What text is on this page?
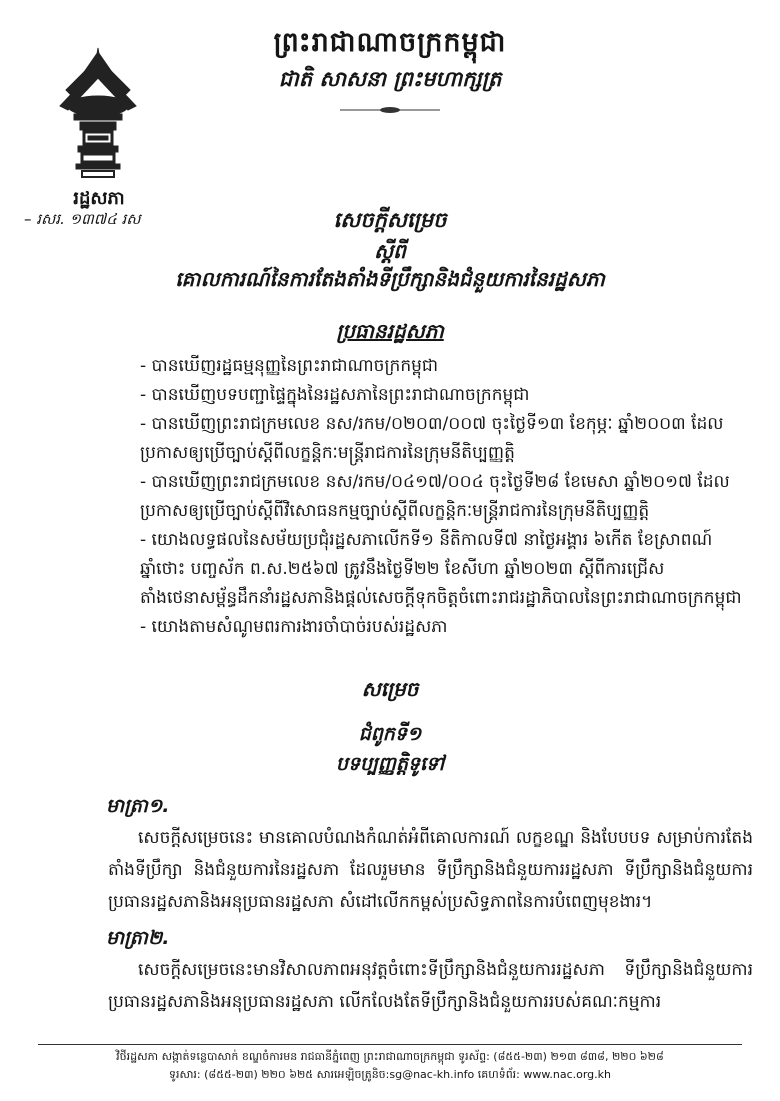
ព្រះរាជាណាចក្រកម្ពុជា
ជាតិ សាសនា ព្រះមហាក្សត្រ
រដ្ឋសភា
– រសរ. ១៣៧៤ រស	សេចក្តីសម្រេច
ស្តីពី
គោលការណ៍នៃការតែងតាំងទីប្រឹក្សានិងជំនួយការនៃរដ្ឋសភា
ប្រធានរដ្ឋសភា
- បានឃើញរដ្ឋធម្មនុញ្ញនៃព្រះរាជាណាចក្រកម្ពុជា
- បានឃើញបទបញ្ជាផ្ទៃក្នុងនៃរដ្ឋសភានៃព្រះរាជាណាចក្រកម្ពុជា
- បានឃើញព្រះរាជក្រមលេខ នស/រកម/០២០៣/០០៧ ចុះថ្ងៃទី១៣ ខែកុម្ភៈ ឆ្នាំ២០០៣ ដែលប្រកាសឲ្យប្រើច្បាប់ស្តីពីលក្ខន្តិកៈមន្ត្រីរាជការនៃក្រុមនីតិប្បញ្ញត្តិ
- បានឃើញព្រះរាជក្រមលេខ នស/រកម/០៤១៧/០០៤ ចុះថ្ងៃទី២៨ ខែមេសា ឆ្នាំ២០១៧ ដែលប្រកាសឲ្យប្រើច្បាប់ស្តីពីវិសោធនកម្មច្បាប់ស្តីពីលក្ខន្តិកៈមន្ត្រីរាជការនៃក្រុមនីតិប្បញ្ញត្តិ
- យោងលទ្ធផលនៃសម័យប្រជុំរដ្ឋសភាលើកទី១ នីតិកាលទី៧ នាថ្ងៃអង្គារ ៦កើត ខែស្រាពណ៍ ឆ្នាំថោះ បញ្ចស័ក ព.ស.២៥៦៧ ត្រូវនឹងថ្ងៃទី២២ ខែសីហា ឆ្នាំ២០២៣ ស្តីពីការជ្រើសតាំងថេនាសម្ព័ន្ធដឹកនាំរដ្ឋសភានិងផ្តល់សេចក្តីទុកចិត្តចំពោះរាជរដ្ឋាភិបាលនៃព្រះរាជាណាចក្រកម្ពុជា
- យោងតាមសំណូមពរការងារចាំបាច់របស់រដ្ឋសភា
សម្រេច
ជំពូកទី១
បទប្បញ្ញត្តិទូទៅ
មាត្រា១.

សេចក្តីសម្រេចនេះ មានគោលបំណងកំណត់អំពីគោលការណ៍ លក្ខខណ្ឌ និងបែបបទ សម្រាប់ការតែងតាំងទីប្រឹក្សា និងជំនួយការនៃរដ្ឋសភា ដែលរួមមាន ទីប្រឹក្សានិងជំនួយការរដ្ឋសភា ទីប្រឹក្សានិងជំនួយការប្រធានរដ្ឋសភានិងអនុប្រធានរដ្ឋសភា សំដៅលើកកម្ពស់ប្រសិទ្ធភាពនៃការបំពេញមុខងារ។

មាត្រា២.

សេចក្តីសម្រេចនេះមានវិសាលភាពអនុវត្តចំពោះទីប្រឹក្សានិងជំនួយការរដ្ឋសភា ទីប្រឹក្សានិងជំនួយការប្រធានរដ្ឋសភានិងអនុប្រធានរដ្ឋសភា លើកលែងតែទីប្រឹក្សានិងជំនួយការរបស់គណៈកម្មការ

វិថីរដ្ឋសភា សង្កាត់ទន្លេបាសាក់ ខណ្ឌចំការមន រាជធានីភ្នំពេញ ព្រះរាជាណាចក្រកម្ពុជា ទូរស័ព្ទ: (៨៥៥-២៣) ២១៣ ៨៣៨, ២២០ ៦២៨
ទូរសារ: (៨៥៥-២៣) ២២០ ៦២៥ សារអេឡិចត្រូនិច:sg@nac-kh.info គេហទំព័រ: www.nac.org.kh
